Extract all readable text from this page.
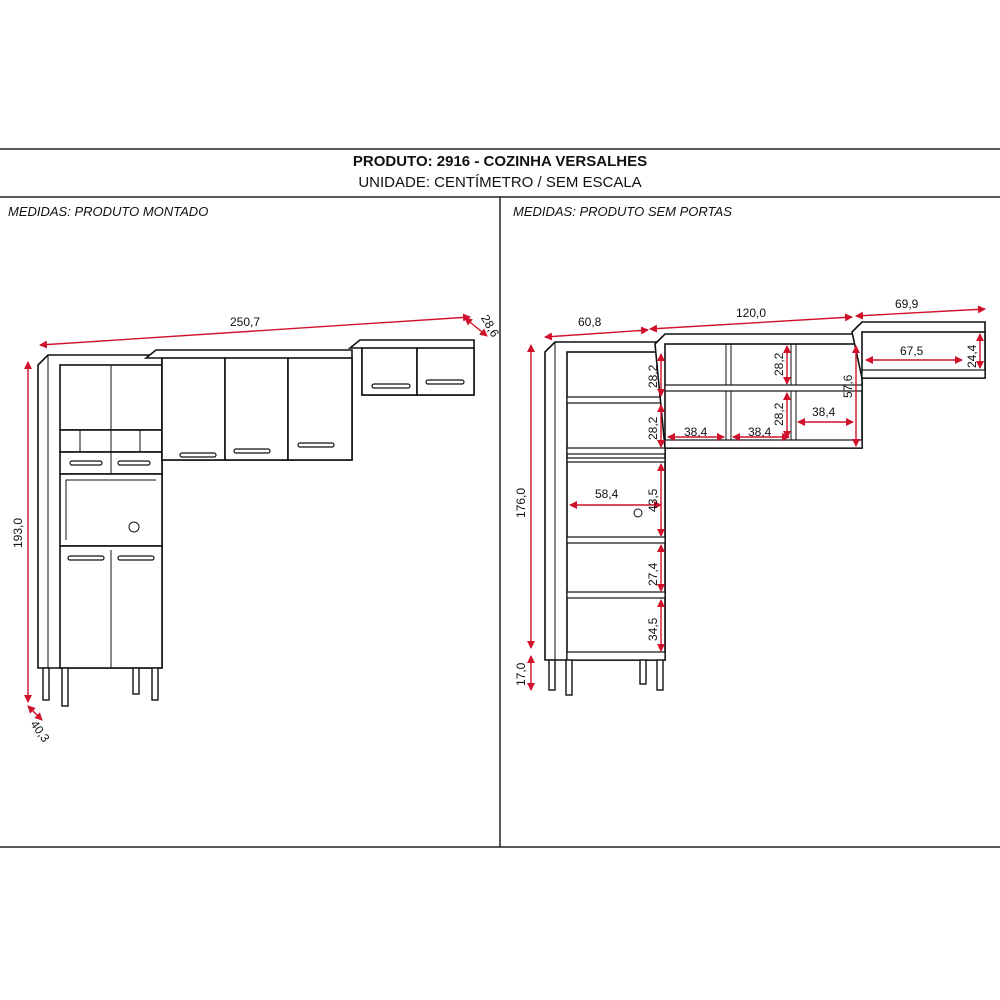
PRODUTO: 2916 - COZINHA VERSALHES
UNIDADE: CENTÍMETRO / SEM ESCALA
MEDIDAS: PRODUTO MONTADO	MEDIDAS: PRODUTO SEM PORTAS
250,7	28,6
193,0
40,3
60,8
120,0
69,9
176,0
17,0
28,2
28,2
58,4 43,5
27,4
34,5
28,2
28,2
38,4	38,4
38,4
57,6
67,5	24,4
